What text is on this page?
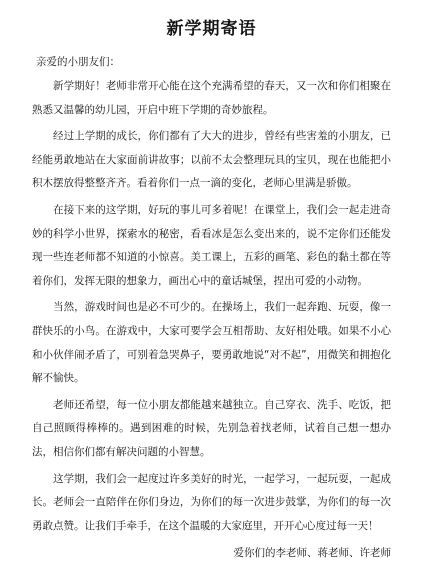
新学期寄语
亲爱的小朋友们：

新学期好！老师非常开心能在这个充满希望的春天，又一次和你们相聚在熟悉又温馨的幼儿园，开启中班下学期的奇妙旅程。

经过上学期的成长，你们都有了大大的进步，曾经有些害羞的小朋友，已经能勇敢地站在大家面前讲故事；以前不太会整理玩具的宝贝，现在也能把小积木摆放得整整齐齐。看着你们一点一滴的变化，老师心里满是骄傲。

在接下来的这学期，好玩的事儿可多着呢！在课堂上，我们会一起走进奇妙的科学小世界，探索水的秘密，看看冰是怎么变出来的，说不定你们还能发现一些连老师都不知道的小惊喜。美工课上，五彩的画笔、彩色的黏土都在等着你们，发挥无限的想象力，画出心中的童话城堡，捏出可爱的小动物。

当然，游戏时间也是必不可少的。在操场上，我们一起奔跑、玩耍，像一群快乐的小鸟。在游戏中，大家可要学会互相帮助、友好相处哦。如果不小心和小伙伴闹矛盾了，可别着急哭鼻子，要勇敢地说“对不起”，用微笑和拥抱化解不愉快。

老师还希望，每一位小朋友都能越来越独立。自己穿衣、洗手、吃饭，把自己照顾得棒棒的。遇到困难的时候，先别急着找老师，试着自己想一想办法，相信你们都有解决问题的小智慧。

这学期，我们会一起度过许多美好的时光，一起学习，一起玩耍，一起成长。老师会一直陪伴在你们身边，为你们的每一次进步鼓掌，为你们的每一次勇敢点赞。让我们手牵手，在这个温暖的大家庭里，开开心心度过每一天！

爱你们的李老师、蒋老师、许老师
